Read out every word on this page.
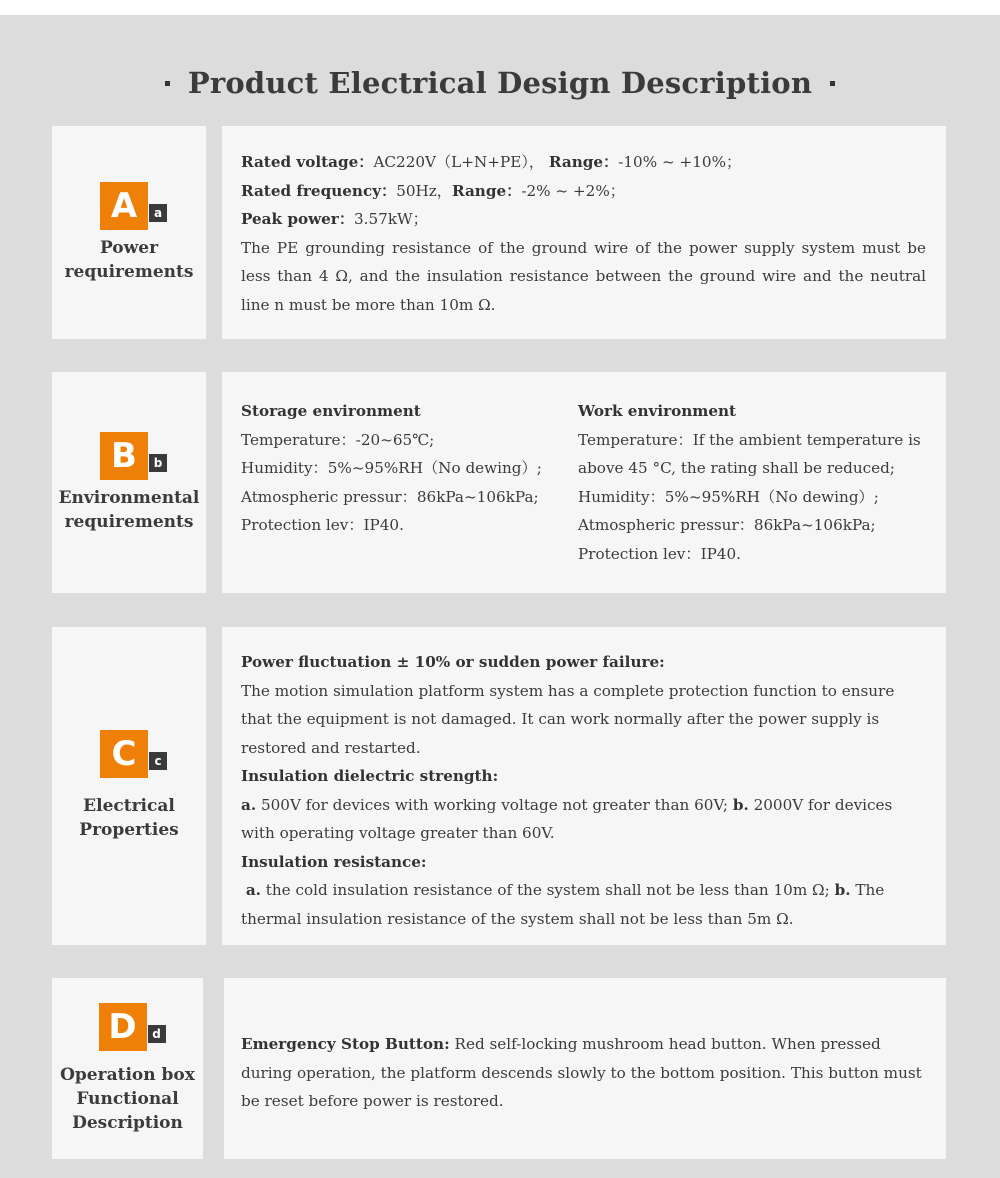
Product Electrical Design Description
A	a
Power
requirements
Rated voltage：AC220V（L+N+PE）， Range：-10% ~ +10%；
Rated frequency：50Hz，Range：-2% ~ +2%；
Peak power：3.57kW；
The PE grounding resistance of the ground wire of the power supply system must be less than 4 Ω, and the insulation resistance between the ground wire and the neutral line n must be more than 10m Ω.
B	b
Environmental
requirements
Storage environment
Temperature：-20~65℃;
Humidity：5%~95%RH（No dewing）;
Atmospheric pressur：86kPa~106kPa;
Protection lev：IP40.
Work environment
Temperature：If the ambient temperature is above 45 °C, the rating shall be reduced;
Humidity：5%~95%RH（No dewing）;
Atmospheric pressur：86kPa~106kPa;
Protection lev：IP40.
C	c
Electrical
Properties
Power fluctuation ± 10% or sudden power failure:
The motion simulation platform system has a complete protection function to ensure that the equipment is not damaged. It can work normally after the power supply is restored and restarted.
Insulation dielectric strength:
a. 500V for devices with working voltage not greater than 60V; b. 2000V for devices with operating voltage greater than 60V.
Insulation resistance:
a. the cold insulation resistance of the system shall not be less than 10m Ω; b. The thermal insulation resistance of the system shall not be less than 5m Ω.
D	d
Operation box
Functional
Description
Emergency Stop Button: Red self-locking mushroom head button. When pressed during operation, the platform descends slowly to the bottom position. This button must be reset before power is restored.
